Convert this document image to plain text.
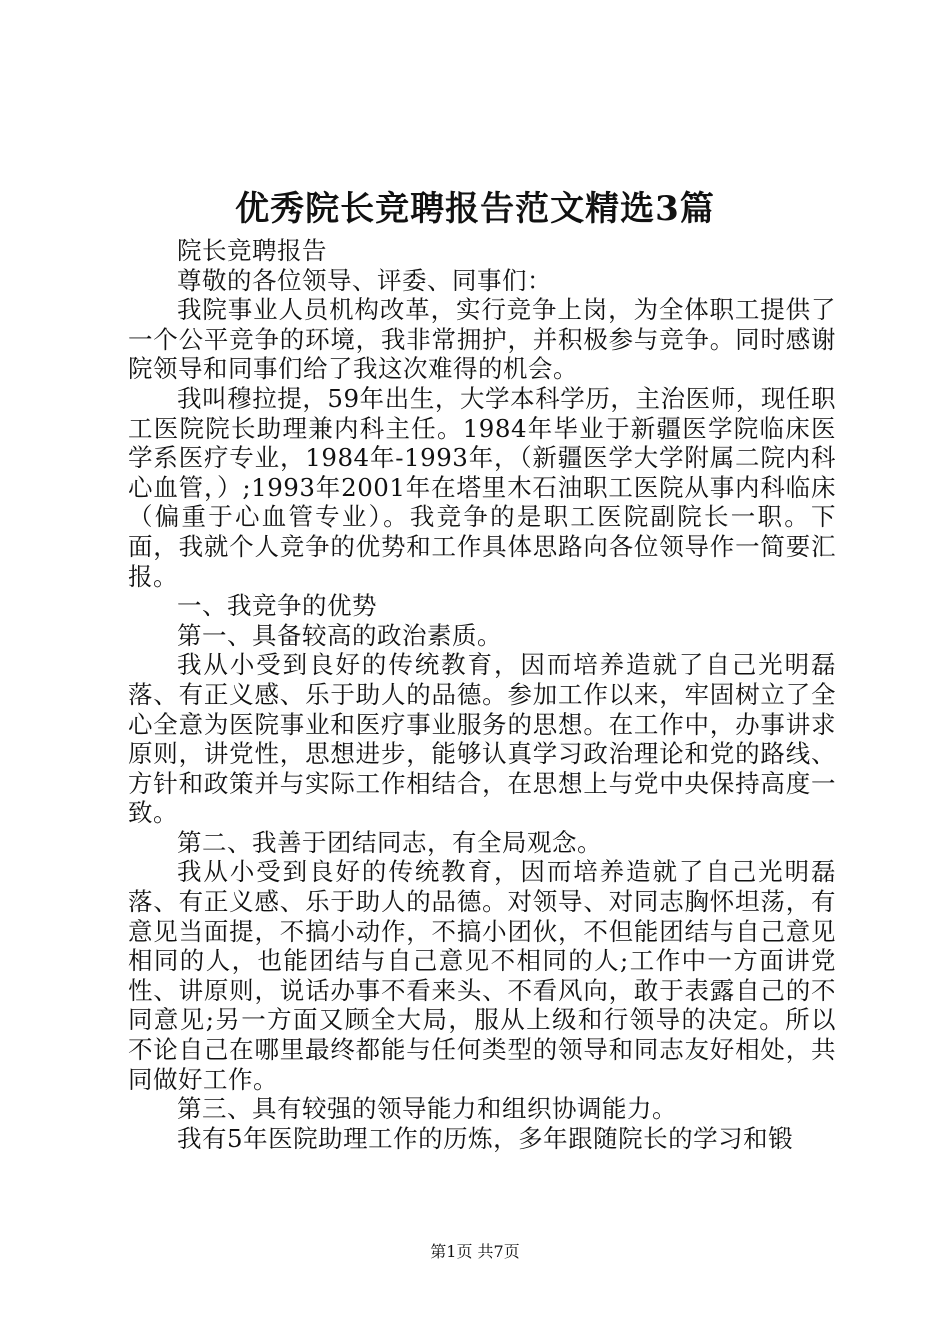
优秀院长竞聘报告范文精选3篇

院长竞聘报告

尊敬的各位领导、评委、同事们：

我院事业人员机构改革，实行竞争上岗，为全体职工提供了一个公平竞争的环境，我非常拥护，并积极参与竞争。同时感谢院领导和同事们给了我这次难得的机会。

我叫穆拉提，59年出生，大学本科学历，主治医师，现任职工医院院长助理兼内科主任。1984年毕业于新疆医学院临床医学系医疗专业，1984年-1993年，（新疆医学大学附属二院内科心血管，）;1993年2001年在塔里木石油职工医院从事内科临床（偏重于心血管专业）。我竞争的是职工医院副院长一职。下面，我就个人竞争的优势和工作具体思路向各位领导作一简要汇报。

一、我竞争的优势

第一、具备较高的政治素质。

我从小受到良好的传统教育，因而培养造就了自己光明磊落、有正义感、乐于助人的品德。参加工作以来，牢固树立了全心全意为医院事业和医疗事业服务的思想。在工作中，办事讲求原则，讲党性，思想进步，能够认真学习政治理论和党的路线、方针和政策并与实际工作相结合，在思想上与党中央保持高度一致。

第二、我善于团结同志，有全局观念。

我从小受到良好的传统教育，因而培养造就了自己光明磊落、有正义感、乐于助人的品德。对领导、对同志胸怀坦荡，有意见当面提，不搞小动作，不搞小团伙，不但能团结与自己意见相同的人，也能团结与自己意见不相同的人;工作中一方面讲党性、讲原则，说话办事不看来头、不看风向，敢于表露自己的不同意见;另一方面又顾全大局，服从上级和行领导的决定。所以不论自己在哪里最终都能与任何类型的领导和同志友好相处，共同做好工作。

第三、具有较强的领导能力和组织协调能力。

我有5年医院助理工作的历炼，多年跟随院长的学习和锻

第1页 共7页
